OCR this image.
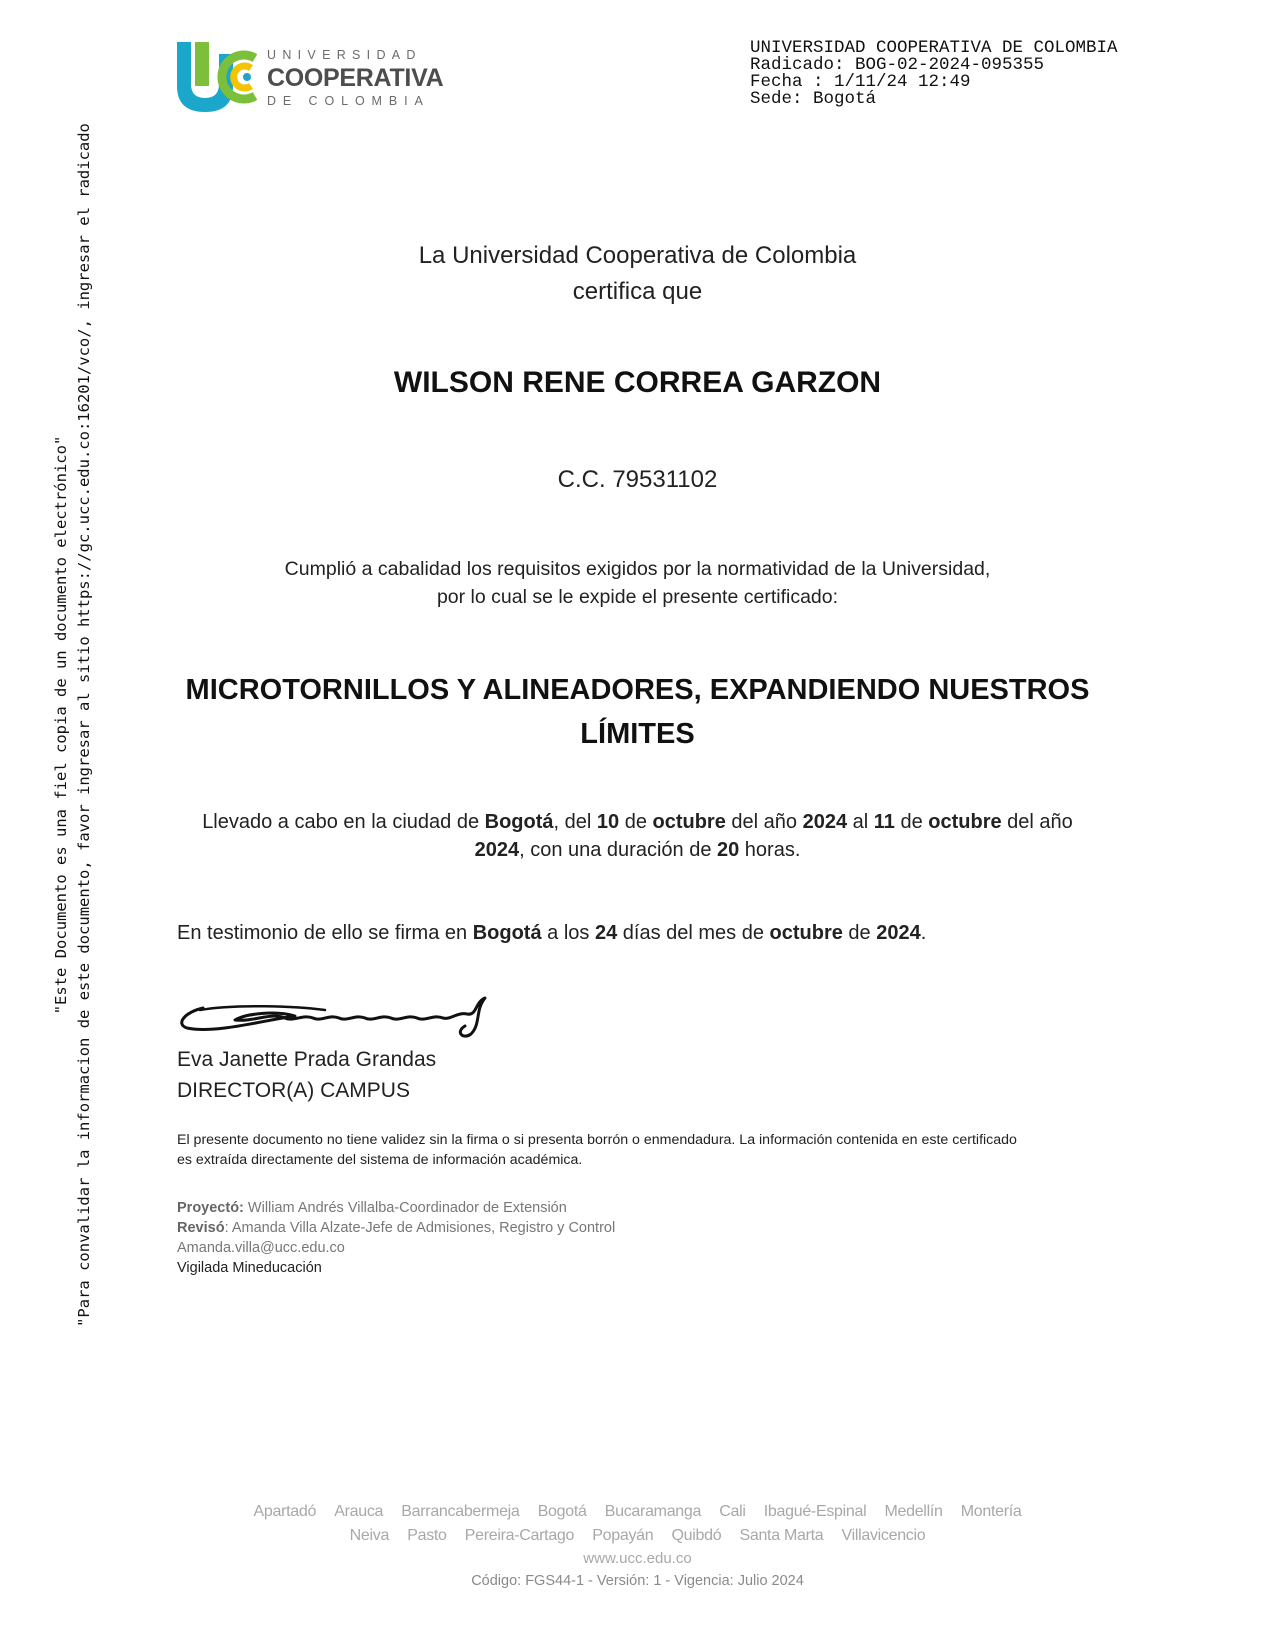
"Este Documento es una fiel copia de un documento electrónico" "Para convalidar la informacion de este documento, favor ingresar al sitio https://gc.ucc.edu.co:16201/vco/, ingresar el radicado
UNIVERSIDAD
COOPERATIVA
DE COLOMBIA
UNIVERSIDAD COOPERATIVA DE COLOMBIA
Radicado: BOG-02-2024-095355
Fecha : 1/11/24 12:49
Sede: Bogotá
La Universidad Cooperativa de Colombia
certifica que
WILSON RENE CORREA GARZON
C.C. 79531102
Cumplió a cabalidad los requisitos exigidos por la normatividad de la Universidad,
por lo cual se le expide el presente certificado:
MICROTORNILLOS Y ALINEADORES, EXPANDIENDO NUESTROS
LÍMITES
Llevado a cabo en la ciudad de Bogotá, del 10 de octubre del año 2024 al 11 de octubre del año
2024, con una duración de 20 horas.
En testimonio de ello se firma en Bogotá a los 24 días del mes de octubre de 2024.
Eva Janette Prada Grandas
DIRECTOR(A) CAMPUS
El presente documento no tiene validez sin la firma o si presenta borrón o enmendadura. La información contenida en este certificado
es extraída directamente del sistema de información académica.
Proyectó: William Andrés Villalba-Coordinador de Extensión
Revisó: Amanda Villa Alzate-Jefe de Admisiones, Registro y Control
Amanda.villa@ucc.edu.co
Vigilada Mineducación
Apartadó Arauca Barrancabermeja Bogotá Bucaramanga Cali Ibagué-Espinal Medellín Montería
Neiva Pasto Pereira-Cartago Popayán Quibdó Santa Marta Villavicencio
www.ucc.edu.co
Código: FGS44-1 - Versión: 1 - Vigencia: Julio 2024
